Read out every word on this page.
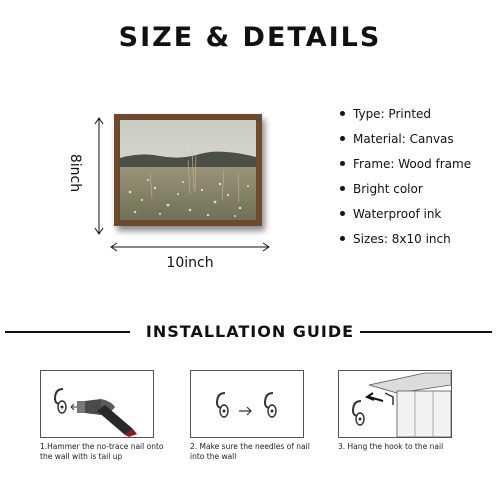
SIZE & DETAILS
8inch
10inch
Type: Printed
Material: Canvas
Frame: Wood frame
Bright color
Waterproof ink
Sizes: 8x10 inch
INSTALLATION GUIDE
1.Hammer the no-trace nail onto
the wall with is tail up
2. Make sure the needles of nail
into the wall
3. Hang the hook to the nail
